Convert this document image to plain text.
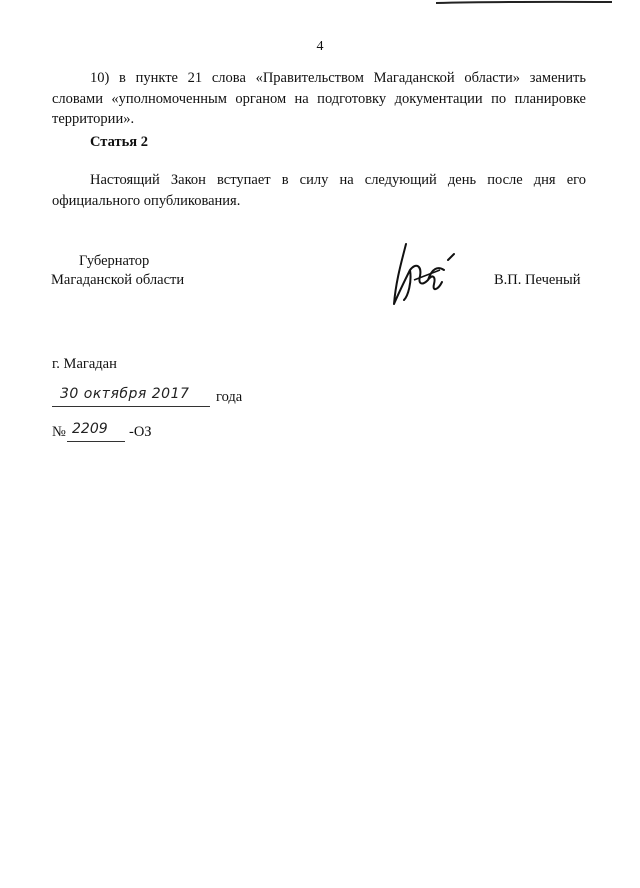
4

10) в пункте 21 слова «Правительством Магаданской области» заменить словами «уполномоченным органом на подготовку документации по планировке территории».

Статья 2

Настоящий Закон вступает в силу на следующий день после дня его официального опубликования.

Губернатор
Магаданской области	В.П. Печеный
г. Магадан
30 октября 2017 года
№ 2209 -ОЗ
